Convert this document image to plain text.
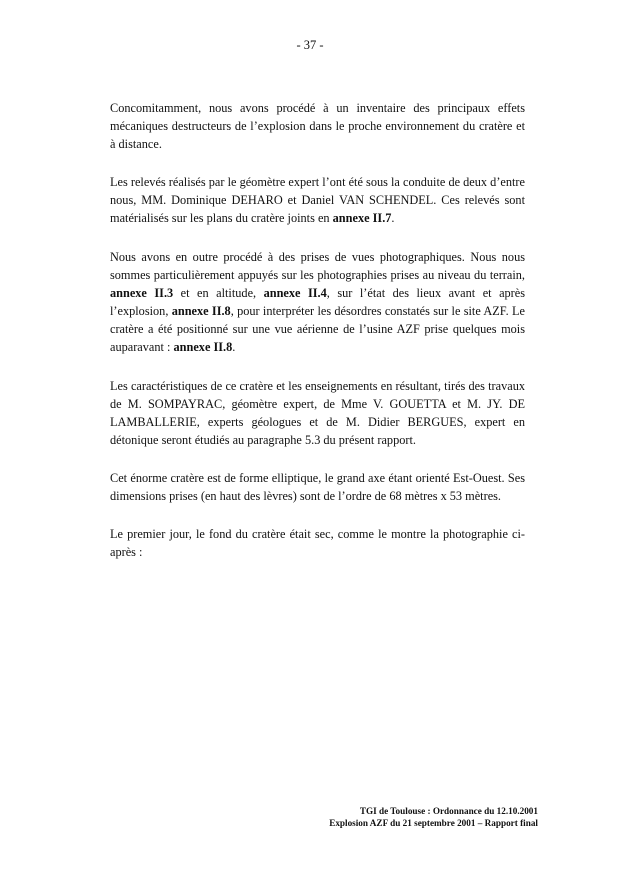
- 37 -

Concomitamment, nous avons procédé à un inventaire des principaux effets mécaniques destructeurs de l’explosion dans le proche environnement du cratère et à distance.

Les relevés réalisés par le géomètre expert l’ont été sous la conduite de deux d’entre nous, MM. Dominique DEHARO et Daniel VAN SCHENDEL. Ces relevés sont matérialisés sur les plans du cratère joints en annexe II.7.

Nous avons en outre procédé à des prises de vues photographiques. Nous nous sommes particulièrement appuyés sur les photographies prises au niveau du terrain, annexe II.3 et en altitude, annexe II.4, sur l’état des lieux avant et après l’explosion, annexe II.8, pour interpréter les désordres constatés sur le site AZF. Le cratère a été positionné sur une vue aérienne de l’usine AZF prise quelques mois auparavant : annexe II.8.

Les caractéristiques de ce cratère et les enseignements en résultant, tirés des travaux de M. SOMPAYRAC, géomètre expert, de Mme V. GOUETTA et M. JY. DE LAMBALLERIE, experts géologues et de M. Didier BERGUES, expert en détonique seront étudiés au paragraphe 5.3 du présent rapport.

Cet énorme cratère est de forme elliptique, le grand axe étant orienté Est-Ouest. Ses dimensions prises (en haut des lèvres) sont de l’ordre de 68 mètres x 53 mètres.

Le premier jour, le fond du cratère était sec, comme le montre la photographie ci-après :

TGI de Toulouse : Ordonnance du 12.10.2001
Explosion AZF du 21 septembre 2001 – Rapport final
